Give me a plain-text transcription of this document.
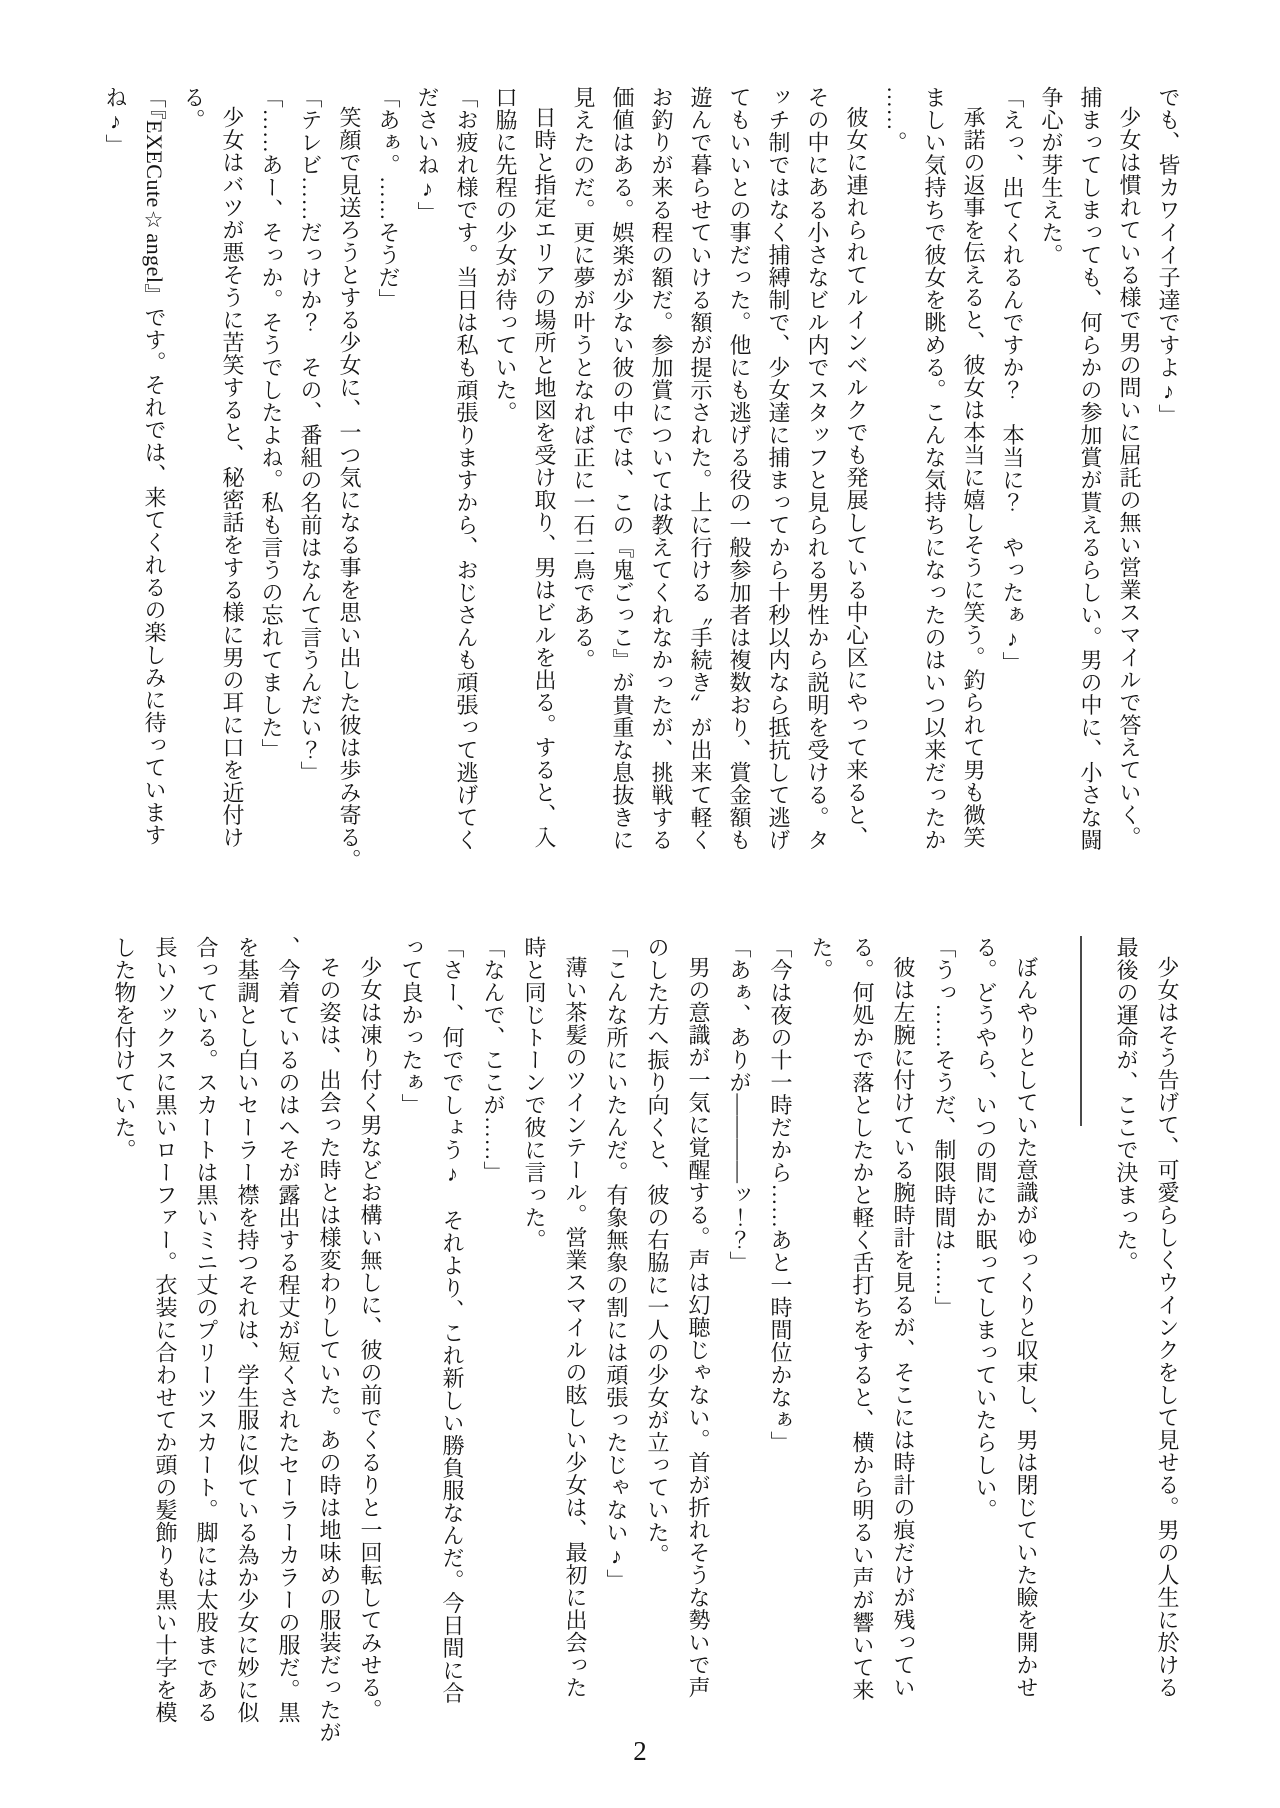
でも、皆カワイイ子達ですよ♪」

少女は慣れている様で男の問いに屈託の無い営業スマイルで答えていく。

捕まってしまっても、何らかの参加賞が貰えるらしい。男の中に、小さな闘

争心が芽生えた。

「えっ、出てくれるんですか？　本当に？　やったぁ♪」

承諾の返事を伝えると、彼女は本当に嬉しそうに笑う。釣られて男も微笑

ましい気持ちで彼女を眺める。こんな気持ちになったのはいつ以来だったか

……。

彼女に連れられてルインベルクでも発展している中心区にやって来ると、

その中にある小さなビル内でスタッフと見られる男性から説明を受ける。タ

ッチ制ではなく捕縛制で、少女達に捕まってから十秒以内なら抵抗して逃げ

てもいいとの事だった。他にも逃げる役の一般参加者は複数おり、賞金額も

遊んで暮らせていける額が提示された。上に行ける〝手続き〟が出来て軽く

お釣りが来る程の額だ。参加賞については教えてくれなかったが、挑戦する

価値はある。娯楽が少ない彼の中では、この『鬼ごっこ』が貴重な息抜きに

見えたのだ。更に夢が叶うとなれば正に一石二鳥である。

日時と指定エリアの場所と地図を受け取り、男はビルを出る。すると、入

口脇に先程の少女が待っていた。

「お疲れ様です。当日は私も頑張りますから、おじさんも頑張って逃げてく

ださいね♪」

「あぁ。……そうだ」

笑顔で見送ろうとする少女に、一つ気になる事を思い出した彼は歩み寄る。

「テレビ……だっけか？　その、番組の名前はなんて言うんだい？」

「……あー、そっか。そうでしたよね。私も言うの忘れてました」

少女はバツが悪そうに苦笑すると、秘密話をする様に男の耳に口を近付け

る。

「『EXECute☆angel』です。それでは、来てくれるの楽しみに待っています

ね♪」

少女はそう告げて、可愛らしくウインクをして見せる。男の人生に於ける

最後の運命が、ここで決まった。

ぼんやりとしていた意識がゆっくりと収束し、男は閉じていた瞼を開かせ

る。どうやら、いつの間にか眠ってしまっていたらしい。

「うっ……そうだ、制限時間は……」

彼は左腕に付けている腕時計を見るが、そこには時計の痕だけが残ってい

る。何処かで落としたかと軽く舌打ちをすると、横から明るい声が響いて来

た。

「今は夜の十一時だから……あと一時間位かなぁ」

「あぁ、ありが――――ッ！？」

男の意識が一気に覚醒する。声は幻聴じゃない。首が折れそうな勢いで声

のした方へ振り向くと、彼の右脇に一人の少女が立っていた。

「こんな所にいたんだ。有象無象の割には頑張ったじゃない♪」

薄い茶髪のツインテール。営業スマイルの眩しい少女は、最初に出会った

時と同じトーンで彼に言った。

「なんで、ここが……」

「さー、何ででしょう♪　それより、これ新しい勝負服なんだ。今日間に合

って良かったぁ」

少女は凍り付く男などお構い無しに、彼の前でくるりと一回転してみせる。

その姿は、出会った時とは様変わりしていた。あの時は地味めの服装だったが

、今着ているのはへそが露出する程丈が短くされたセーラーカラーの服だ。黒

を基調とし白いセーラー襟を持つそれは、学生服に似ている為か少女に妙に似

合っている。スカートは黒いミニ丈のプリーツスカート。脚には太股まである

長いソックスに黒いローファー。衣装に合わせてか頭の髪飾りも黒い十字を模

した物を付けていた。

2
